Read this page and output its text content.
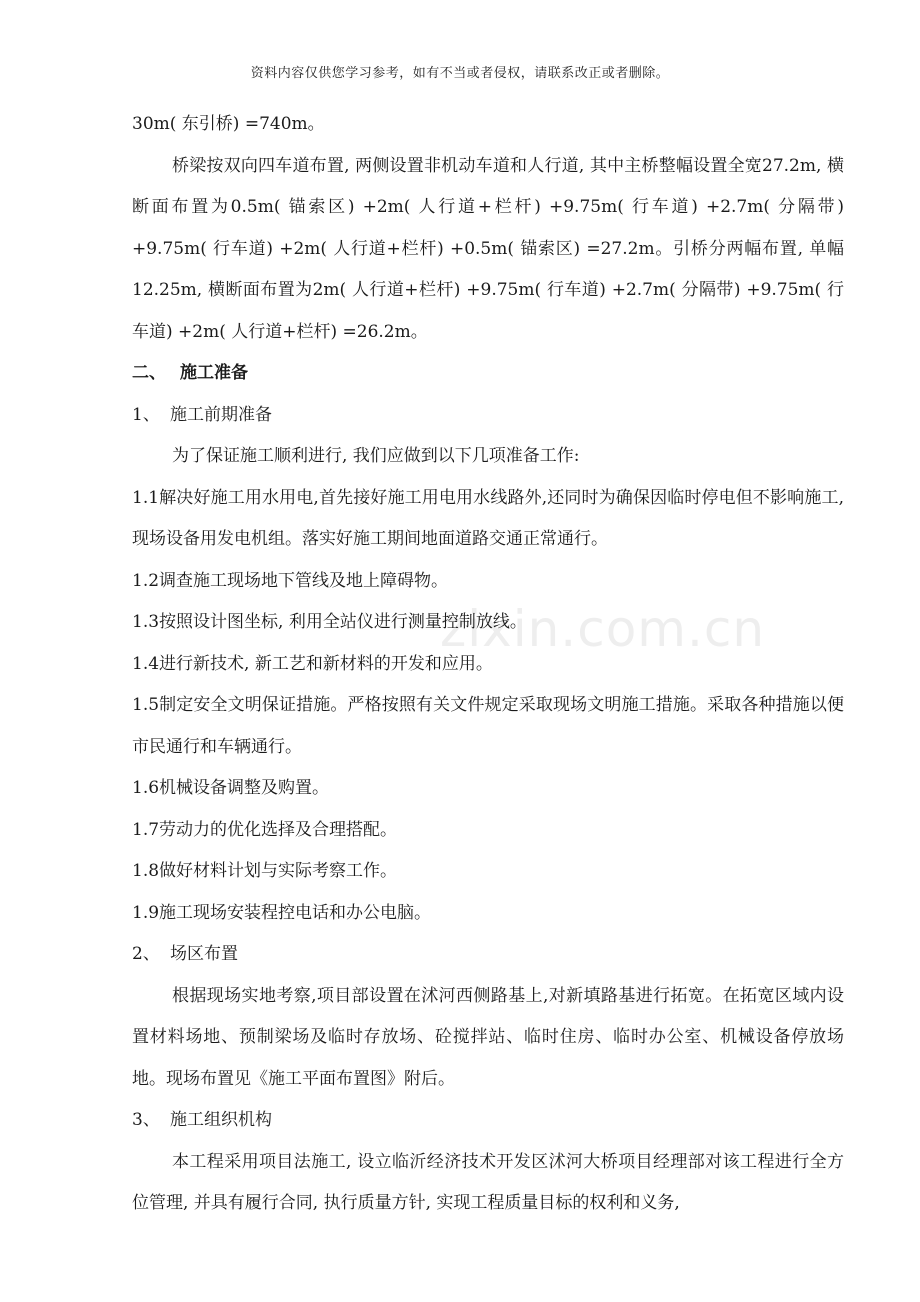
资料内容仅供您学习参考，如有不当或者侵权，请联系改正或者删除。
zixin.com.cn

30m( 东引桥) =740m。

桥梁按双向四车道布置, 两侧设置非机动车道和人行道, 其中主桥整幅设置全宽27.2m, 横断面布置为0.5m( 锚索区) +2m( 人行道+栏杆) +9.75m( 行车道) +2.7m( 分隔带) +9.75m( 行车道) +2m( 人行道+栏杆) +0.5m( 锚索区) =27.2m。引桥分两幅布置, 单幅12.25m, 横断面布置为2m( 人行道+栏杆) +9.75m( 行车道) +2.7m( 分隔带) +9.75m( 行车道) +2m( 人行道+栏杆) =26.2m。

二、 施工准备

1、 施工前期准备

为了保证施工顺利进行, 我们应做到以下几项准备工作:

1.1解决好施工用水用电,首先接好施工用电用水线路外,还同时为确保因临时停电但不影响施工, 现场设备用发电机组。落实好施工期间地面道路交通正常通行。

1.2调查施工现场地下管线及地上障碍物。

1.3按照设计图坐标, 利用全站仪进行测量控制放线。

1.4进行新技术, 新工艺和新材料的开发和应用。

1.5制定安全文明保证措施。严格按照有关文件规定采取现场文明施工措施。采取各种措施以便市民通行和车辆通行。

1.6机械设备调整及购置。

1.7劳动力的优化选择及合理搭配。

1.8做好材料计划与实际考察工作。

1.9施工现场安装程控电话和办公电脑。

2、 场区布置

根据现场实地考察,项目部设置在沭河西侧路基上,对新填路基进行拓宽。在拓宽区域内设置材料场地、预制梁场及临时存放场、砼搅拌站、临时住房、临时办公室、机械设备停放场地。现场布置见《施工平面布置图》附后。

3、 施工组织机构

本工程采用项目法施工, 设立临沂经济技术开发区沭河大桥项目经理部对该工程进行全方位管理, 并具有履行合同, 执行质量方针, 实现工程质量目标的权利和义务,
